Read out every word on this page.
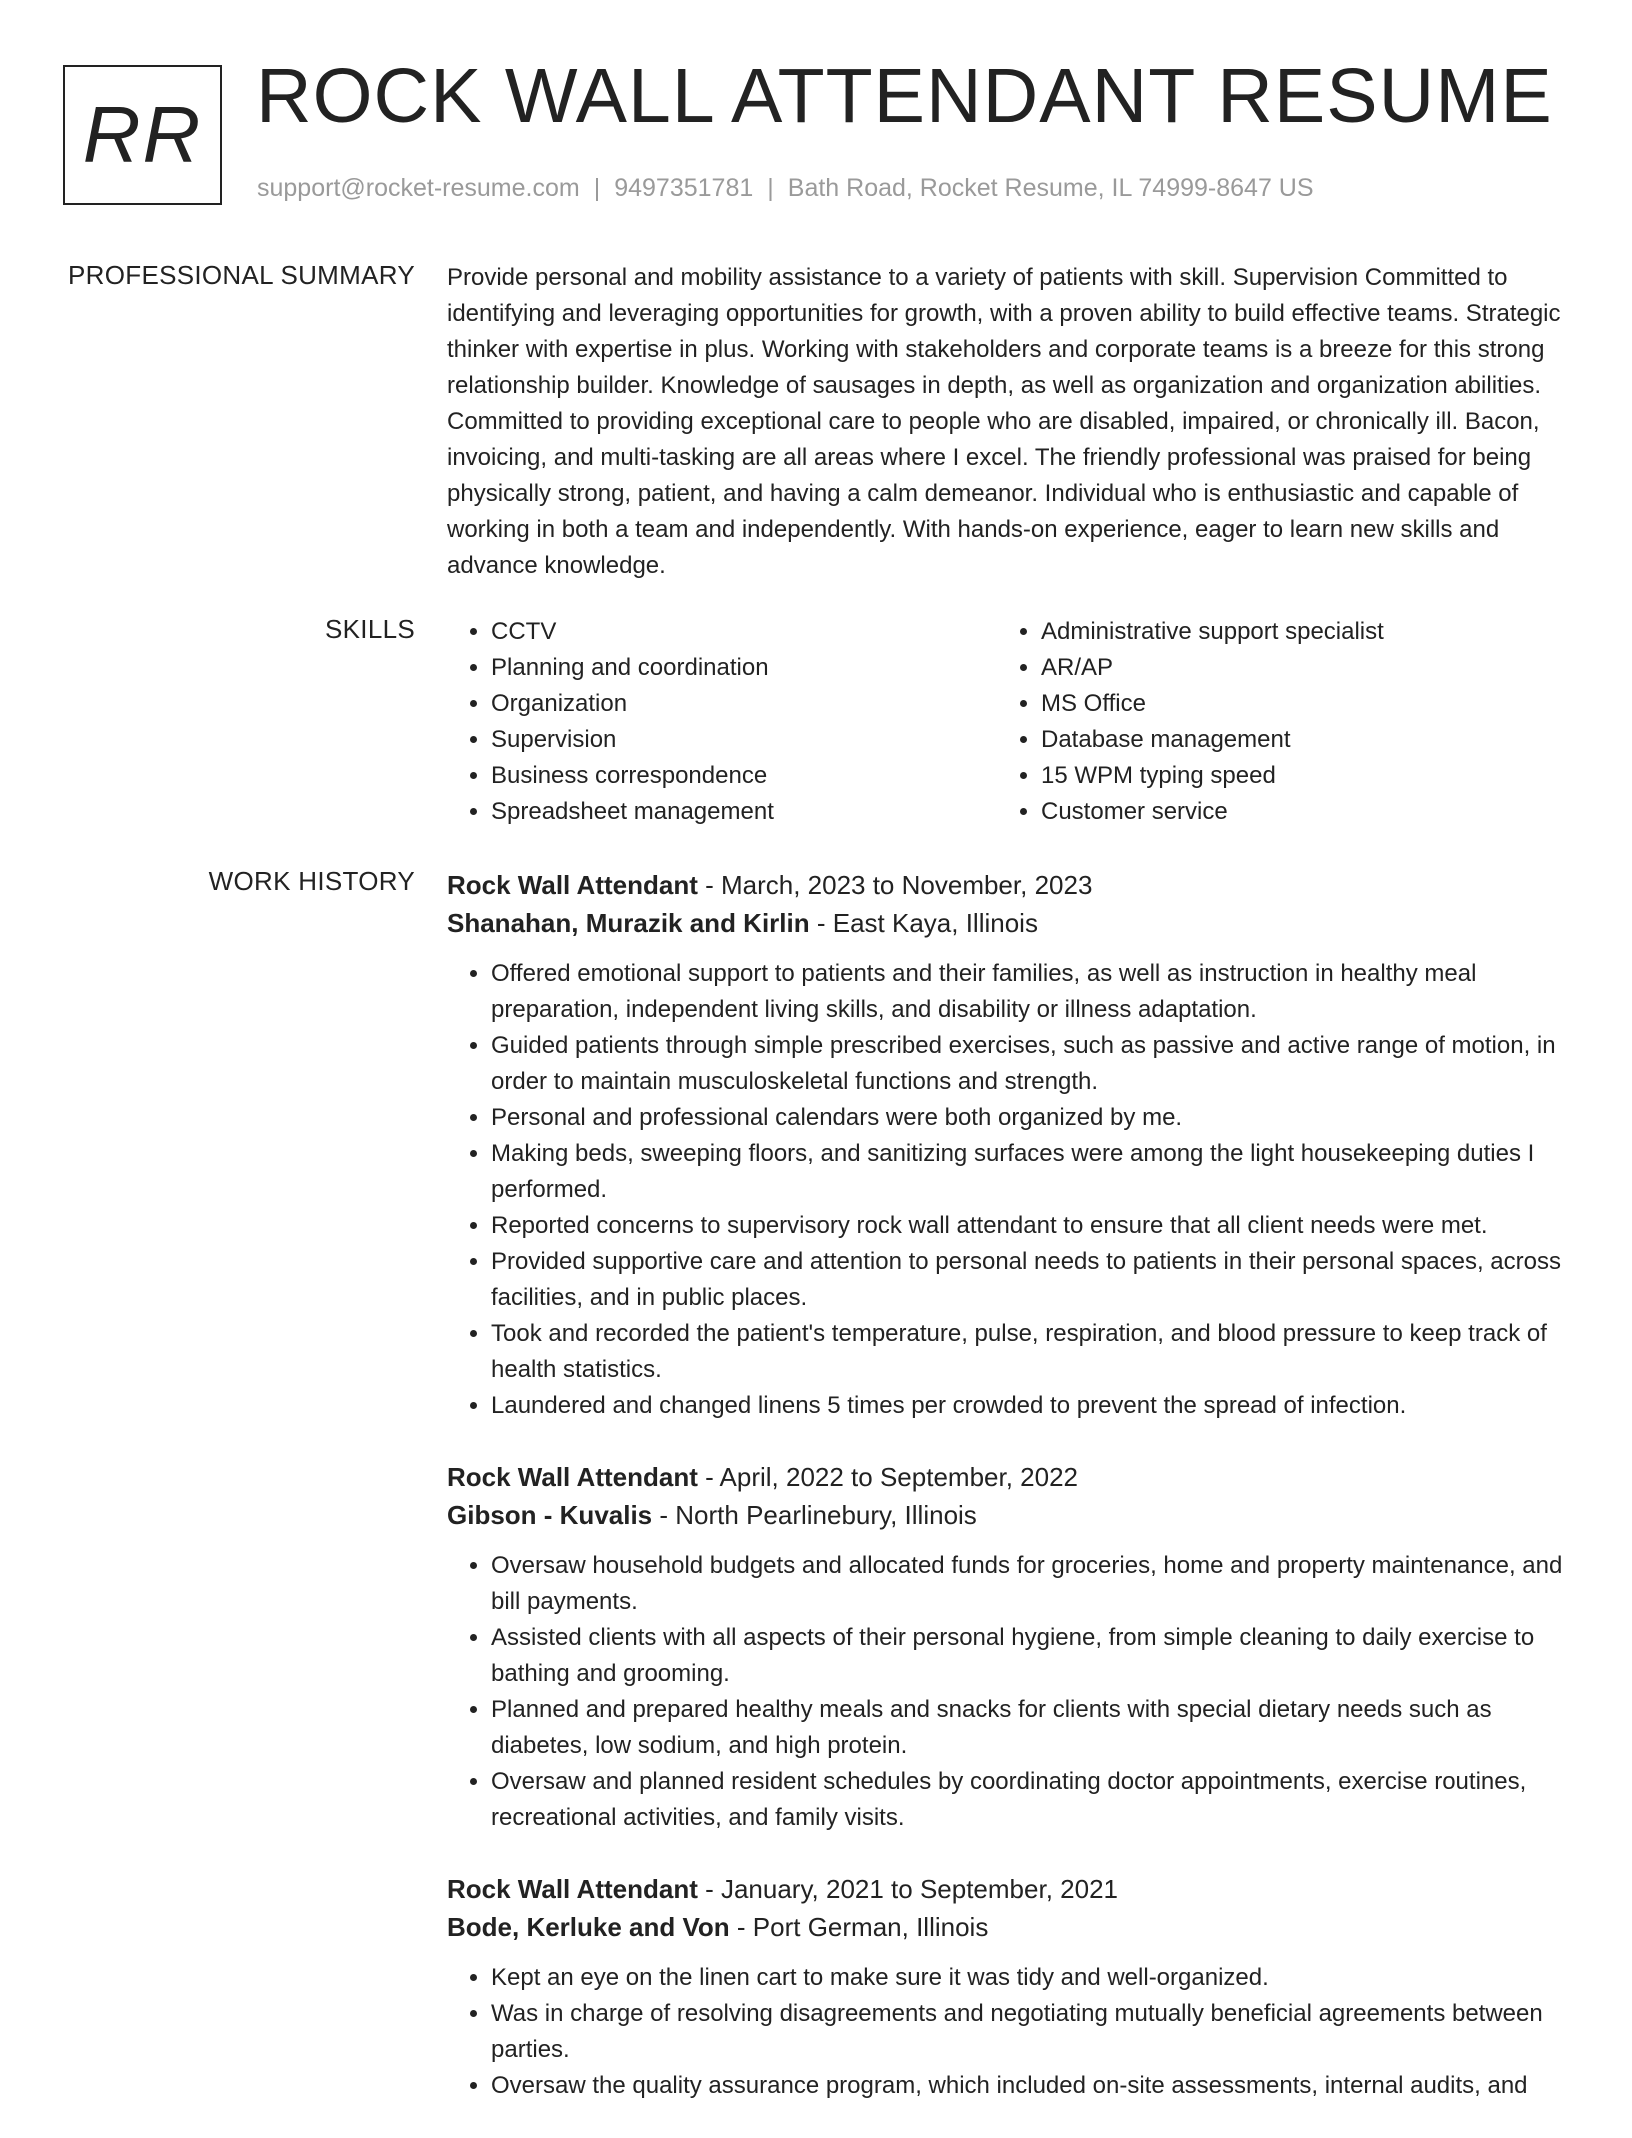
RR ROCK WALL ATTENDANT RESUME
support@rocket-resume.com | 9497351781 | Bath Road, Rocket Resume, IL 74999-8647 US
PROFESSIONAL SUMMARY Provide personal and mobility assistance to a variety of patients with skill. Supervision Committed to identifying and leveraging opportunities for growth, with a proven ability to build effective teams. Strategic thinker with expertise in plus. Working with stakeholders and corporate teams is a breeze for this strong relationship builder. Knowledge of sausages in depth, as well as organization and organization abilities. Committed to providing exceptional care to people who are disabled, impaired, or chronically ill. Bacon, invoicing, and multi-tasking are all areas where I excel. The friendly professional was praised for being physically strong, patient, and having a calm demeanor. Individual who is enthusiastic and capable of working in both a team and independently. With hands-on experience, eager to learn new skills and advance knowledge.

SKILLS
•	CCTV
• Planning and coordination
• Organization
• Supervision
• Business correspondence
• Spreadsheet management
• Administrative support specialist
• AR/AP
• MS Office
• Database management
• 15 WPM typing speed
• Customer service
WORK HISTORY Rock Wall Attendant - March, 2023 to November, 2023

Shanahan, Murazik and Kirlin - East Kaya, Illinois

• Offered emotional support to patients and their families, as well as instruction in healthy meal preparation, independent living skills, and disability or illness adaptation.
• Guided patients through simple prescribed exercises, such as passive and active range of motion, in order to maintain musculoskeletal functions and strength.
• Personal and professional calendars were both organized by me.
• Making beds, sweeping floors, and sanitizing surfaces were among the light housekeeping duties I performed.
• Reported concerns to supervisory rock wall attendant to ensure that all client needs were met.
• Provided supportive care and attention to personal needs to patients in their personal spaces, across facilities, and in public places.
• Took and recorded the patient's temperature, pulse, respiration, and blood pressure to keep track of health statistics.
• Laundered and changed linens 5 times per crowded to prevent the spread of infection.

Rock Wall Attendant - April, 2022 to September, 2022

Gibson - Kuvalis - North Pearlinebury, Illinois

• Oversaw household budgets and allocated funds for groceries, home and property maintenance, and bill payments.
• Assisted clients with all aspects of their personal hygiene, from simple cleaning to daily exercise to bathing and grooming.
• Planned and prepared healthy meals and snacks for clients with special dietary needs such as diabetes, low sodium, and high protein.
• Oversaw and planned resident schedules by coordinating doctor appointments, exercise routines, recreational activities, and family visits.

Rock Wall Attendant - January, 2021 to September, 2021

Bode, Kerluke and Von - Port German, Illinois

• Kept an eye on the linen cart to make sure it was tidy and well-organized.
• Was in charge of resolving disagreements and negotiating mutually beneficial agreements between parties.
• Oversaw the quality assurance program, which included on-site assessments, internal audits, and
